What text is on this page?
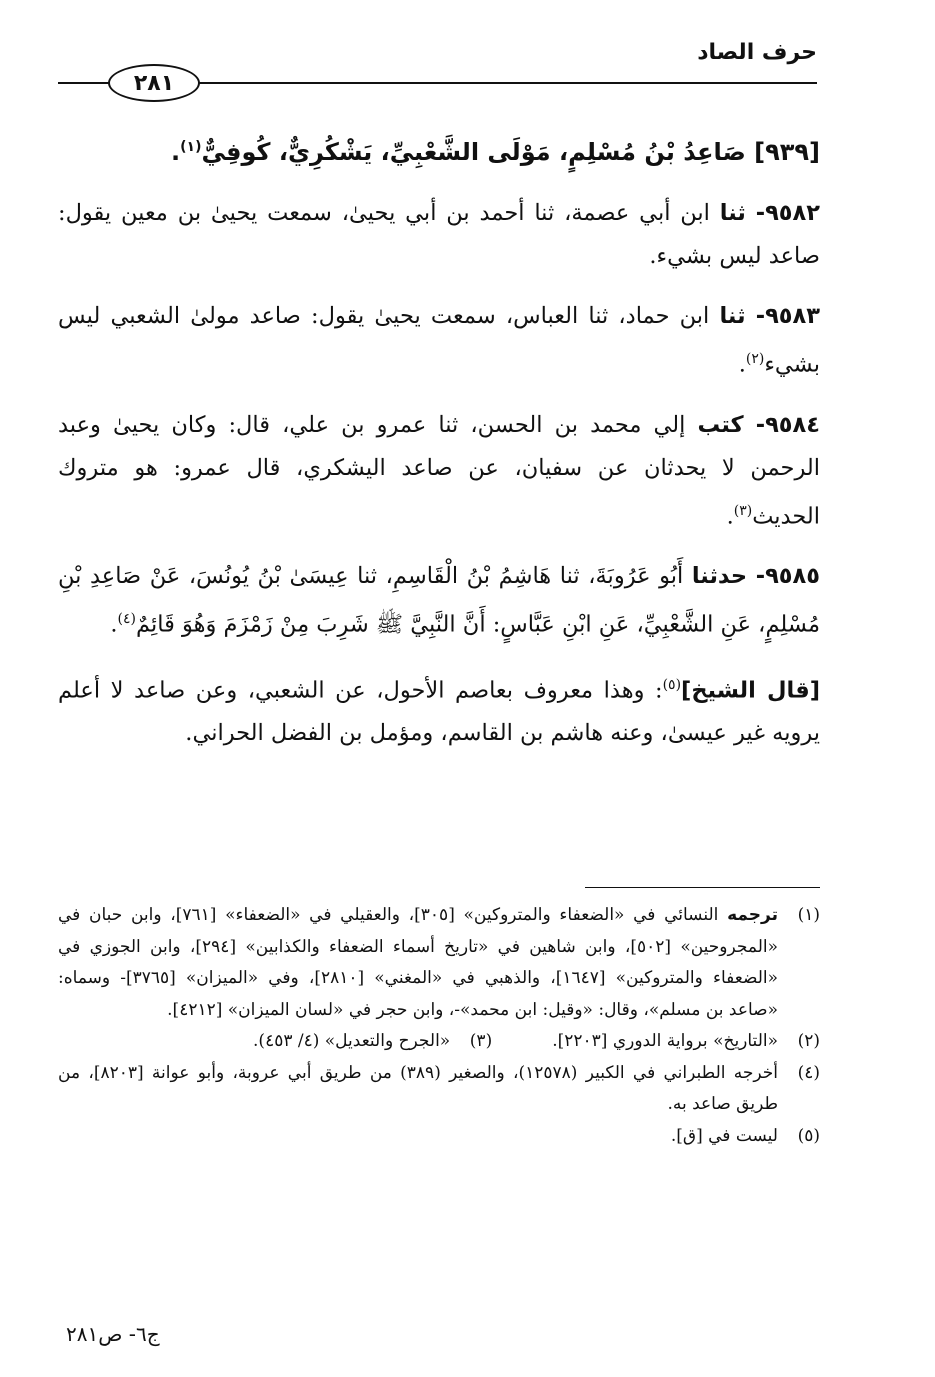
حرف الصاد
٢٨١
[٩٣٩] صَاعِدُ بْنُ مُسْلِمٍ، مَوْلَى الشَّعْبِيِّ، يَشْكُرِيٌّ، كُوفِيٌّ$^{(١)}$.

٩٥٨٢- ثنا ابن أبي عصمة، ثنا أحمد بن أبي يحيىٰ، سمعت يحيىٰ بن معين يقول: صاعد ليس بشيء.

٩٥٨٣- ثنا ابن حماد، ثنا العباس، سمعت يحيىٰ يقول: صاعد مولىٰ الشعبي ليس بشيء$^{(٢)}$.

٩٥٨٤- كتب إلي محمد بن الحسن، ثنا عمرو بن علي، قال: وكان يحيىٰ وعبد الرحمن لا يحدثان عن سفيان، عن صاعد اليشكري، قال عمرو: هو متروك الحديث$^{(٣)}$.

٩٥٨٥- حدثنا أَبُو عَرُوبَةَ، ثنا هَاشِمُ بْنُ الْقَاسِمِ، ثنا عِيسَىٰ بْنُ يُونُسَ، عَنْ صَاعِدِ بْنِ مُسْلِمٍ، عَنِ الشَّعْبِيِّ، عَنِ ابْنِ عَبَّاسٍ: أَنَّ النَّبِيَّ ﷺ شَرِبَ مِنْ زَمْزَمَ وَهُوَ قَائِمٌ$^{(٤)}$.

[قال الشيخ]$^{(٥)}$: وهذا معروف بعاصم الأحول، عن الشعبي، وعن صاعد لا أعلم يرويه غير عيسىٰ، وعنه هاشم بن القاسم، ومؤمل بن الفضل الحراني.

(١)
ترجمه النسائي في «الضعفاء والمتروكين» [٣٠٥]، والعقيلي في «الضعفاء» [٧٦١]، وابن حبان في «المجروحين» [٥٠٢]، وابن شاهين في «تاريخ أسماء الضعفاء والكذابين» [٢٩٤]، وابن الجوزي في «الضعفاء والمتروكين» [١٦٤٧]، والذهبي في «المغني» [٢٨١٠]، وفي «الميزان» [٣٧٦٥]- وسماه: «صاعد بن مسلم»، وقال: «وقيل: ابن محمد»-، وابن حجر في «لسان الميزان» [٤٢١٢].
(٢)
«التاريخ» برواية الدوري [٢٢٠٣].
(٣)
«الجرح والتعديل» (٤/ ٤٥٣).
(٤)
أخرجه الطبراني في الكبير (١٢٥٧٨)، والصغير (٣٨٩) من طريق أبي عروبة، وأبو عوانة [٨٢٠٣]، من طريق صاعد به.
(٥)
ليست في [ق].
ج٦- ص٢٨١
